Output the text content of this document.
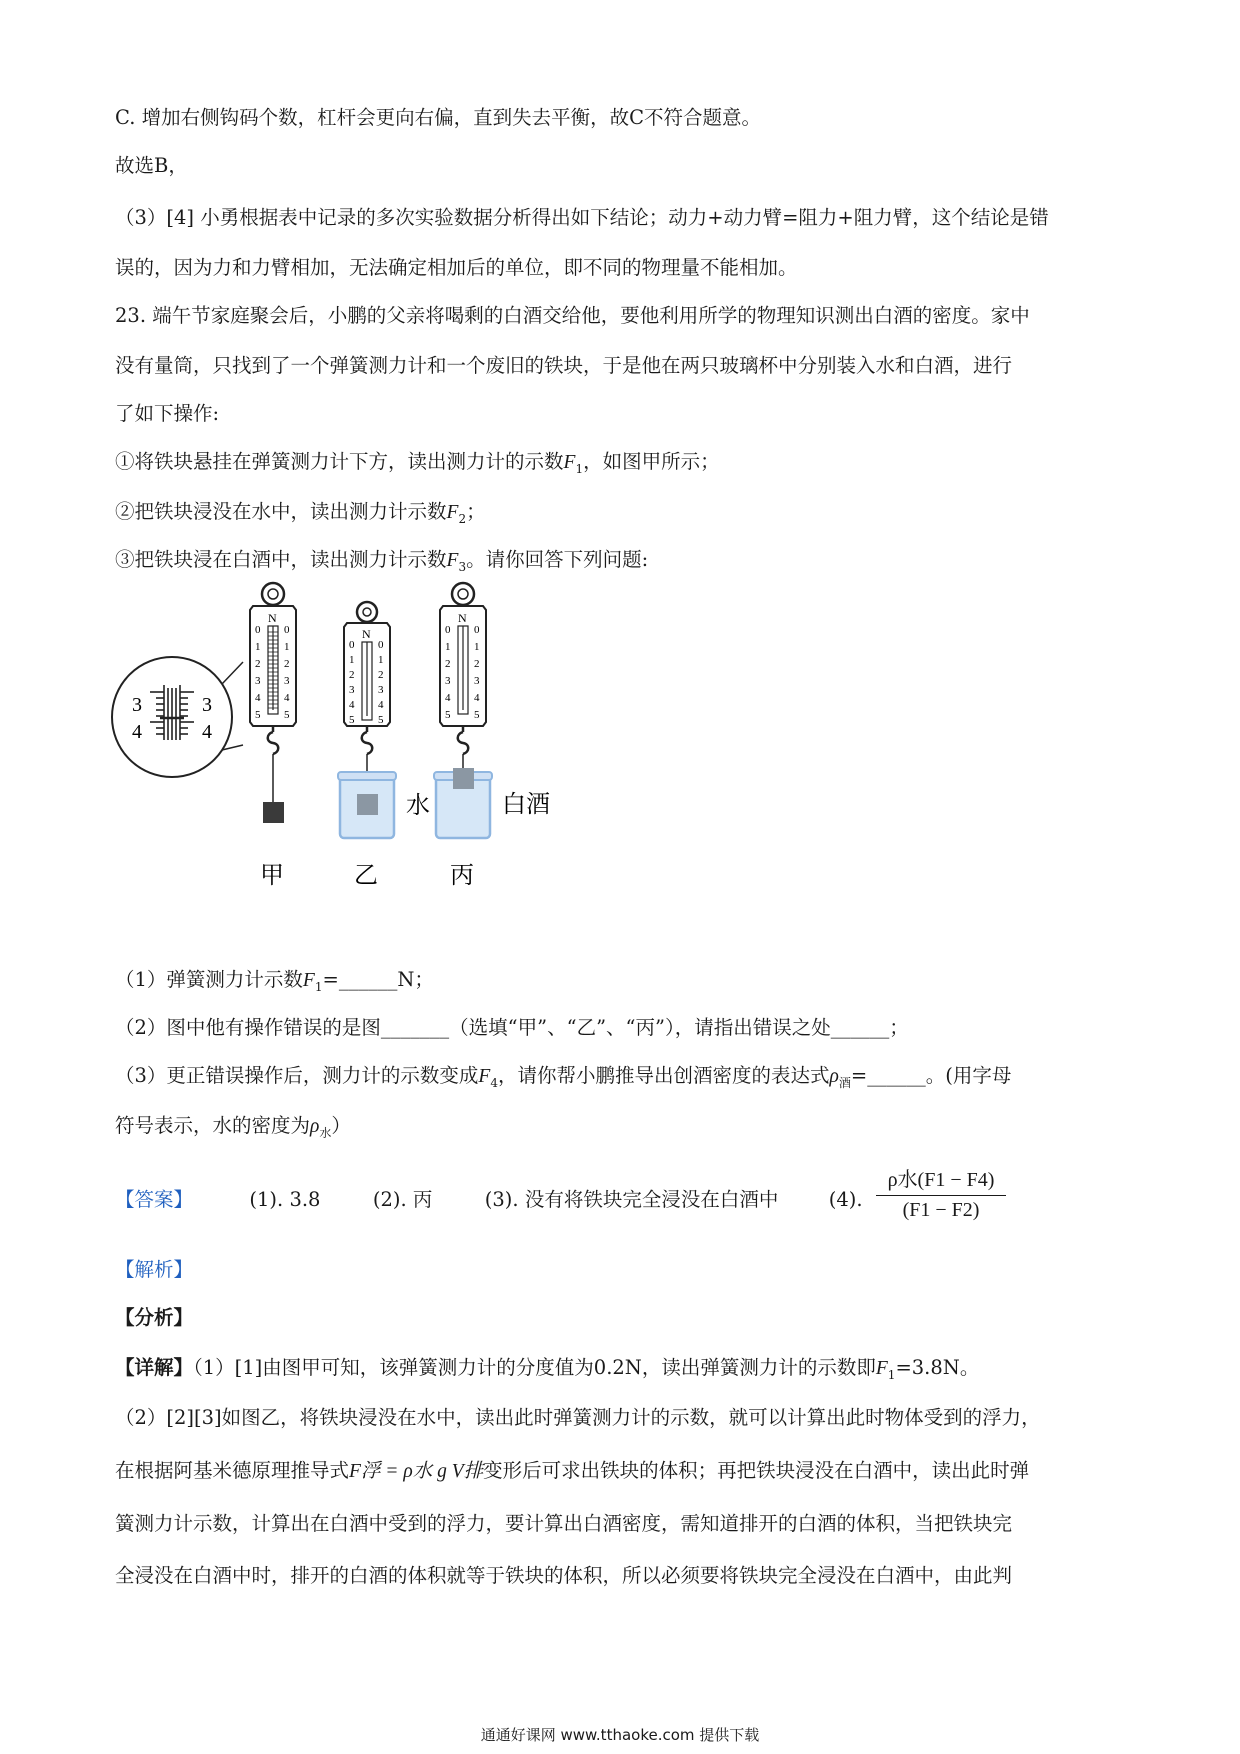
C. 增加右侧钩码个数，杠杆会更向右偏，直到失去平衡，故C不符合题意。
故选B，
（3）[4] 小勇根据表中记录的多次实验数据分析得出如下结论；动力+动力臂=阻力+阻力臂，这个结论是错
误的，因为力和力臂相加，无法确定相加后的单位，即不同的物理量不能相加。
23. 端午节家庭聚会后，小鹏的父亲将喝剩的白酒交给他，要他利用所学的物理知识测出白酒的密度。家中
没有量筒，只找到了一个弹簧测力计和一个废旧的铁块，于是他在两只玻璃杯中分别装入水和白酒，进行
了如下操作:
①将铁块悬挂在弹簧测力计下方，读出测力计的示数$F_1$，如图甲所示；
②把铁块浸没在水中，读出测力计示数$F_2$；
③把铁块浸在白酒中，读出测力计示数$F_3$。请你回答下列问题:
3
4
3
4
N
0 0
1 1
2 2
3 3
4 4
5 5
甲
N
0 0
1 1
2 2
3 3
4 4
5 5
水
乙
N
0 0
1 1
2 2
3 3
4 4
5 5
白酒
丙
（1）弹簧测力计示数$F_1=\_\_\_\_\_\_N$；
（2）图中他有操作错误的是图_______（选填“甲”、“乙”、“丙”），请指出错误之处______；
（3）更正错误操作后，测力计的示数变成$F_4$，请你帮小鹏推导出创酒密度的表达式$\rho_酒=\_\_\_\_\_\_$。(用字母
符号表示，水的密度为$\rho_水$）
【答案】	(1). 3.8	(2). 丙	(3). 没有将铁块完全浸没在白酒中	(4).
ρ水(F1 − F4)
(F1 − F2)
【解析】
【分析】
【详解】（1）[1]由图甲可知，该弹簧测力计的分度值为0.2N，读出弹簧测力计的示数即$F_1=3.8N$。
（2）[2][3]如图乙，将铁块浸没在水中，读出此时弹簧测力计的示数，就可以计算出此时物体受到的浮力，
在根据阿基米德原理推导式F浮 = ρ水 g V排变形后可求出铁块的体积；再把铁块浸没在白酒中，读出此时弹
簧测力计示数，计算出在白酒中受到的浮力，要计算出白酒密度，需知道排开的白酒的体积，当把铁块完
全浸没在白酒中时，排开的白酒的体积就等于铁块的体积，所以必须要将铁块完全浸没在白酒中，由此判
通通好课网 www.tthaoke.com 提供下载
